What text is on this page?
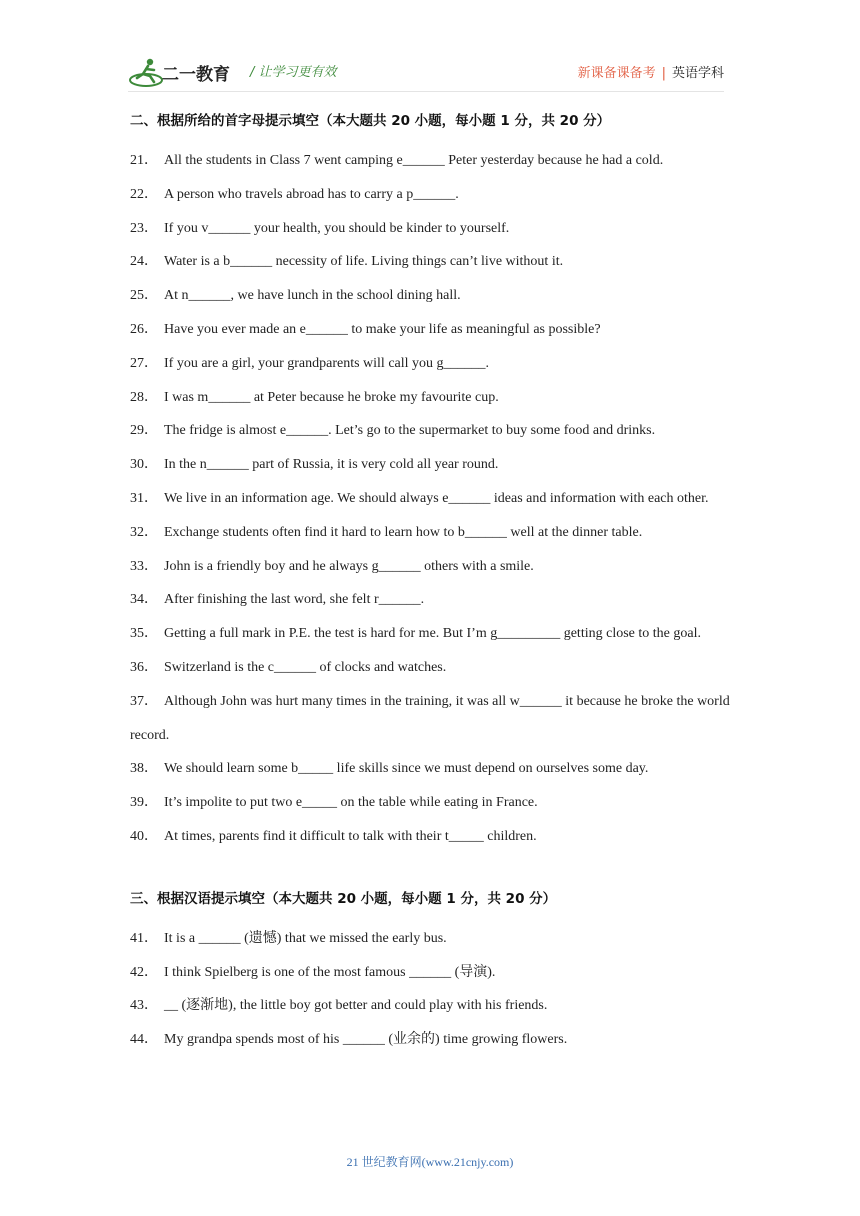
二一教育 / 让学习更有效	新课备课备考 | 英语学科

二、根据所给的首字母提示填空（本大题共 20 小题，每小题 1 分，共 20 分）

21． All the students in Class 7 went camping e______ Peter yesterday because he had a cold.

22． A person who travels abroad has to carry a p______.

23． If you v______ your health, you should be kinder to yourself.

24． Water is a b______ necessity of life. Living things can’t live without it.

25． At n______, we have lunch in the school dining hall.

26． Have you ever made an e______ to make your life as meaningful as possible?

27． If you are a girl, your grandparents will call you g______.

28． I was m______ at Peter because he broke my favourite cup.

29． The fridge is almost e______. Let’s go to the supermarket to buy some food and drinks.

30． In the n______ part of Russia, it is very cold all year round.

31． We live in an information age. We should always e______ ideas and information with each other.

32． Exchange students often find it hard to learn how to b______ well at the dinner table.

33． John is a friendly boy and he always g______ others with a smile.

34． After finishing the last word, she felt r______.

35． Getting a full mark in P.E. the test is hard for me. But I’m g_________ getting close to the goal.

36． Switzerland is the c______ of clocks and watches.

37． Although John was hurt many times in the training, it was all w______ it because he broke the world record.

38． We should learn some b_____ life skills since we must depend on ourselves some day.

39． It’s impolite to put two e_____ on the table while eating in France.

40． At times, parents find it difficult to talk with their t_____ children.

三、根据汉语提示填空（本大题共 20 小题，每小题 1 分，共 20 分）

41． It is a ______ (遗憾) that we missed the early bus.

42． I think Spielberg is one of the most famous ______ (导演).

43． __ (逐渐地), the little boy got better and could play with his friends.

44． My grandpa spends most of his ______ (业余的) time growing flowers.

21 世纪教育网(www.21cnjy.com)
